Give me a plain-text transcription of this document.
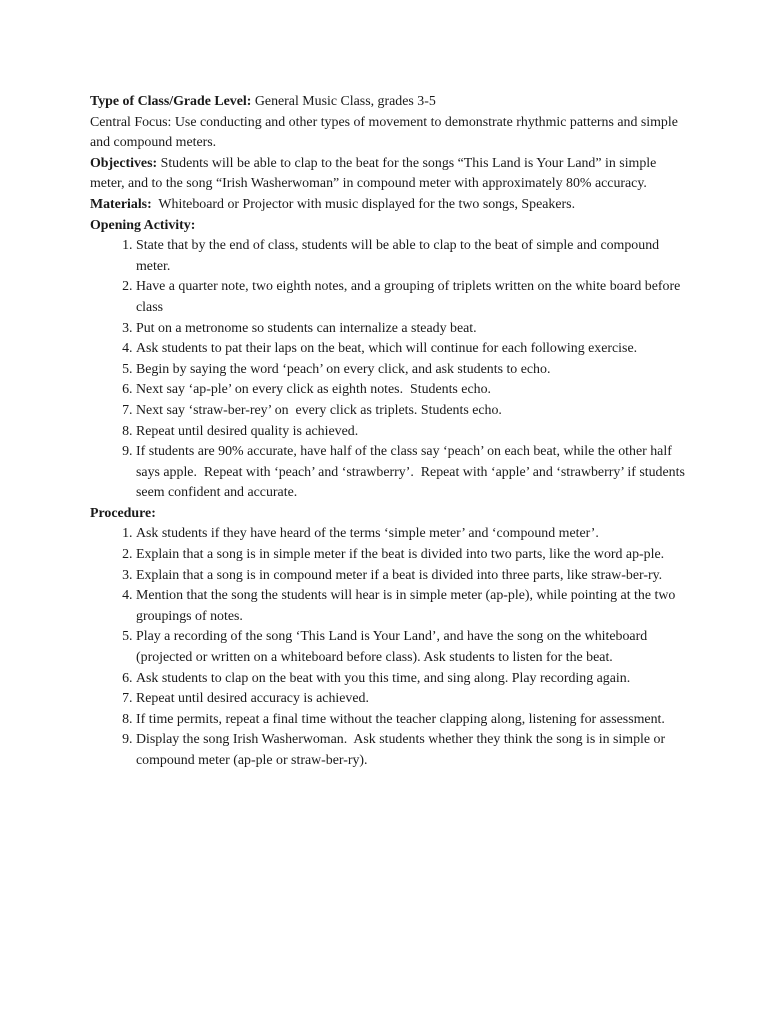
Type of Class/Grade Level: General Music Class, grades 3-5

Central Focus: Use conducting and other types of movement to demonstrate rhythmic patterns and simple and compound meters.

Objectives: Students will be able to clap to the beat for the songs “This Land is Your Land” in simple meter, and to the song “Irish Washerwoman” in compound meter with approximately 80% accuracy.

Materials:  Whiteboard or Projector with music displayed for the two songs, Speakers.

Opening Activity:

1. State that by the end of class, students will be able to clap to the beat of simple and compound meter.
2. Have a quarter note, two eighth notes, and a grouping of triplets written on the white board before class
3. Put on a metronome so students can internalize a steady beat.
4. Ask students to pat their laps on the beat, which will continue for each following exercise.
5. Begin by saying the word ‘peach’ on every click, and ask students to echo.
6. Next say ‘ap-ple’ on every click as eighth notes.  Students echo.
7. Next say ‘straw-ber-rey’ on  every click as triplets. Students echo.
8. Repeat until desired quality is achieved.
9. If students are 90% accurate, have half of the class say ‘peach’ on each beat, while the other half says apple.  Repeat with ‘peach’ and ‘strawberry’.  Repeat with ‘apple’ and ‘strawberry’ if students seem confident and accurate.

Procedure:

1. Ask students if they have heard of the terms ‘simple meter’ and ‘compound meter’.
2. Explain that a song is in simple meter if the beat is divided into two parts, like the word ap-ple.
3. Explain that a song is in compound meter if a beat is divided into three parts, like straw-ber-ry.
4. Mention that the song the students will hear is in simple meter (ap-ple), while pointing at the two groupings of notes.
5. Play a recording of the song ‘This Land is Your Land’, and have the song on the whiteboard (projected or written on a whiteboard before class). Ask students to listen for the beat.
6. Ask students to clap on the beat with you this time, and sing along. Play recording again.
7. Repeat until desired accuracy is achieved.
8. If time permits, repeat a final time without the teacher clapping along, listening for assessment.
9. Display the song Irish Washerwoman.  Ask students whether they think the song is in simple or compound meter (ap-ple or straw-ber-ry).
